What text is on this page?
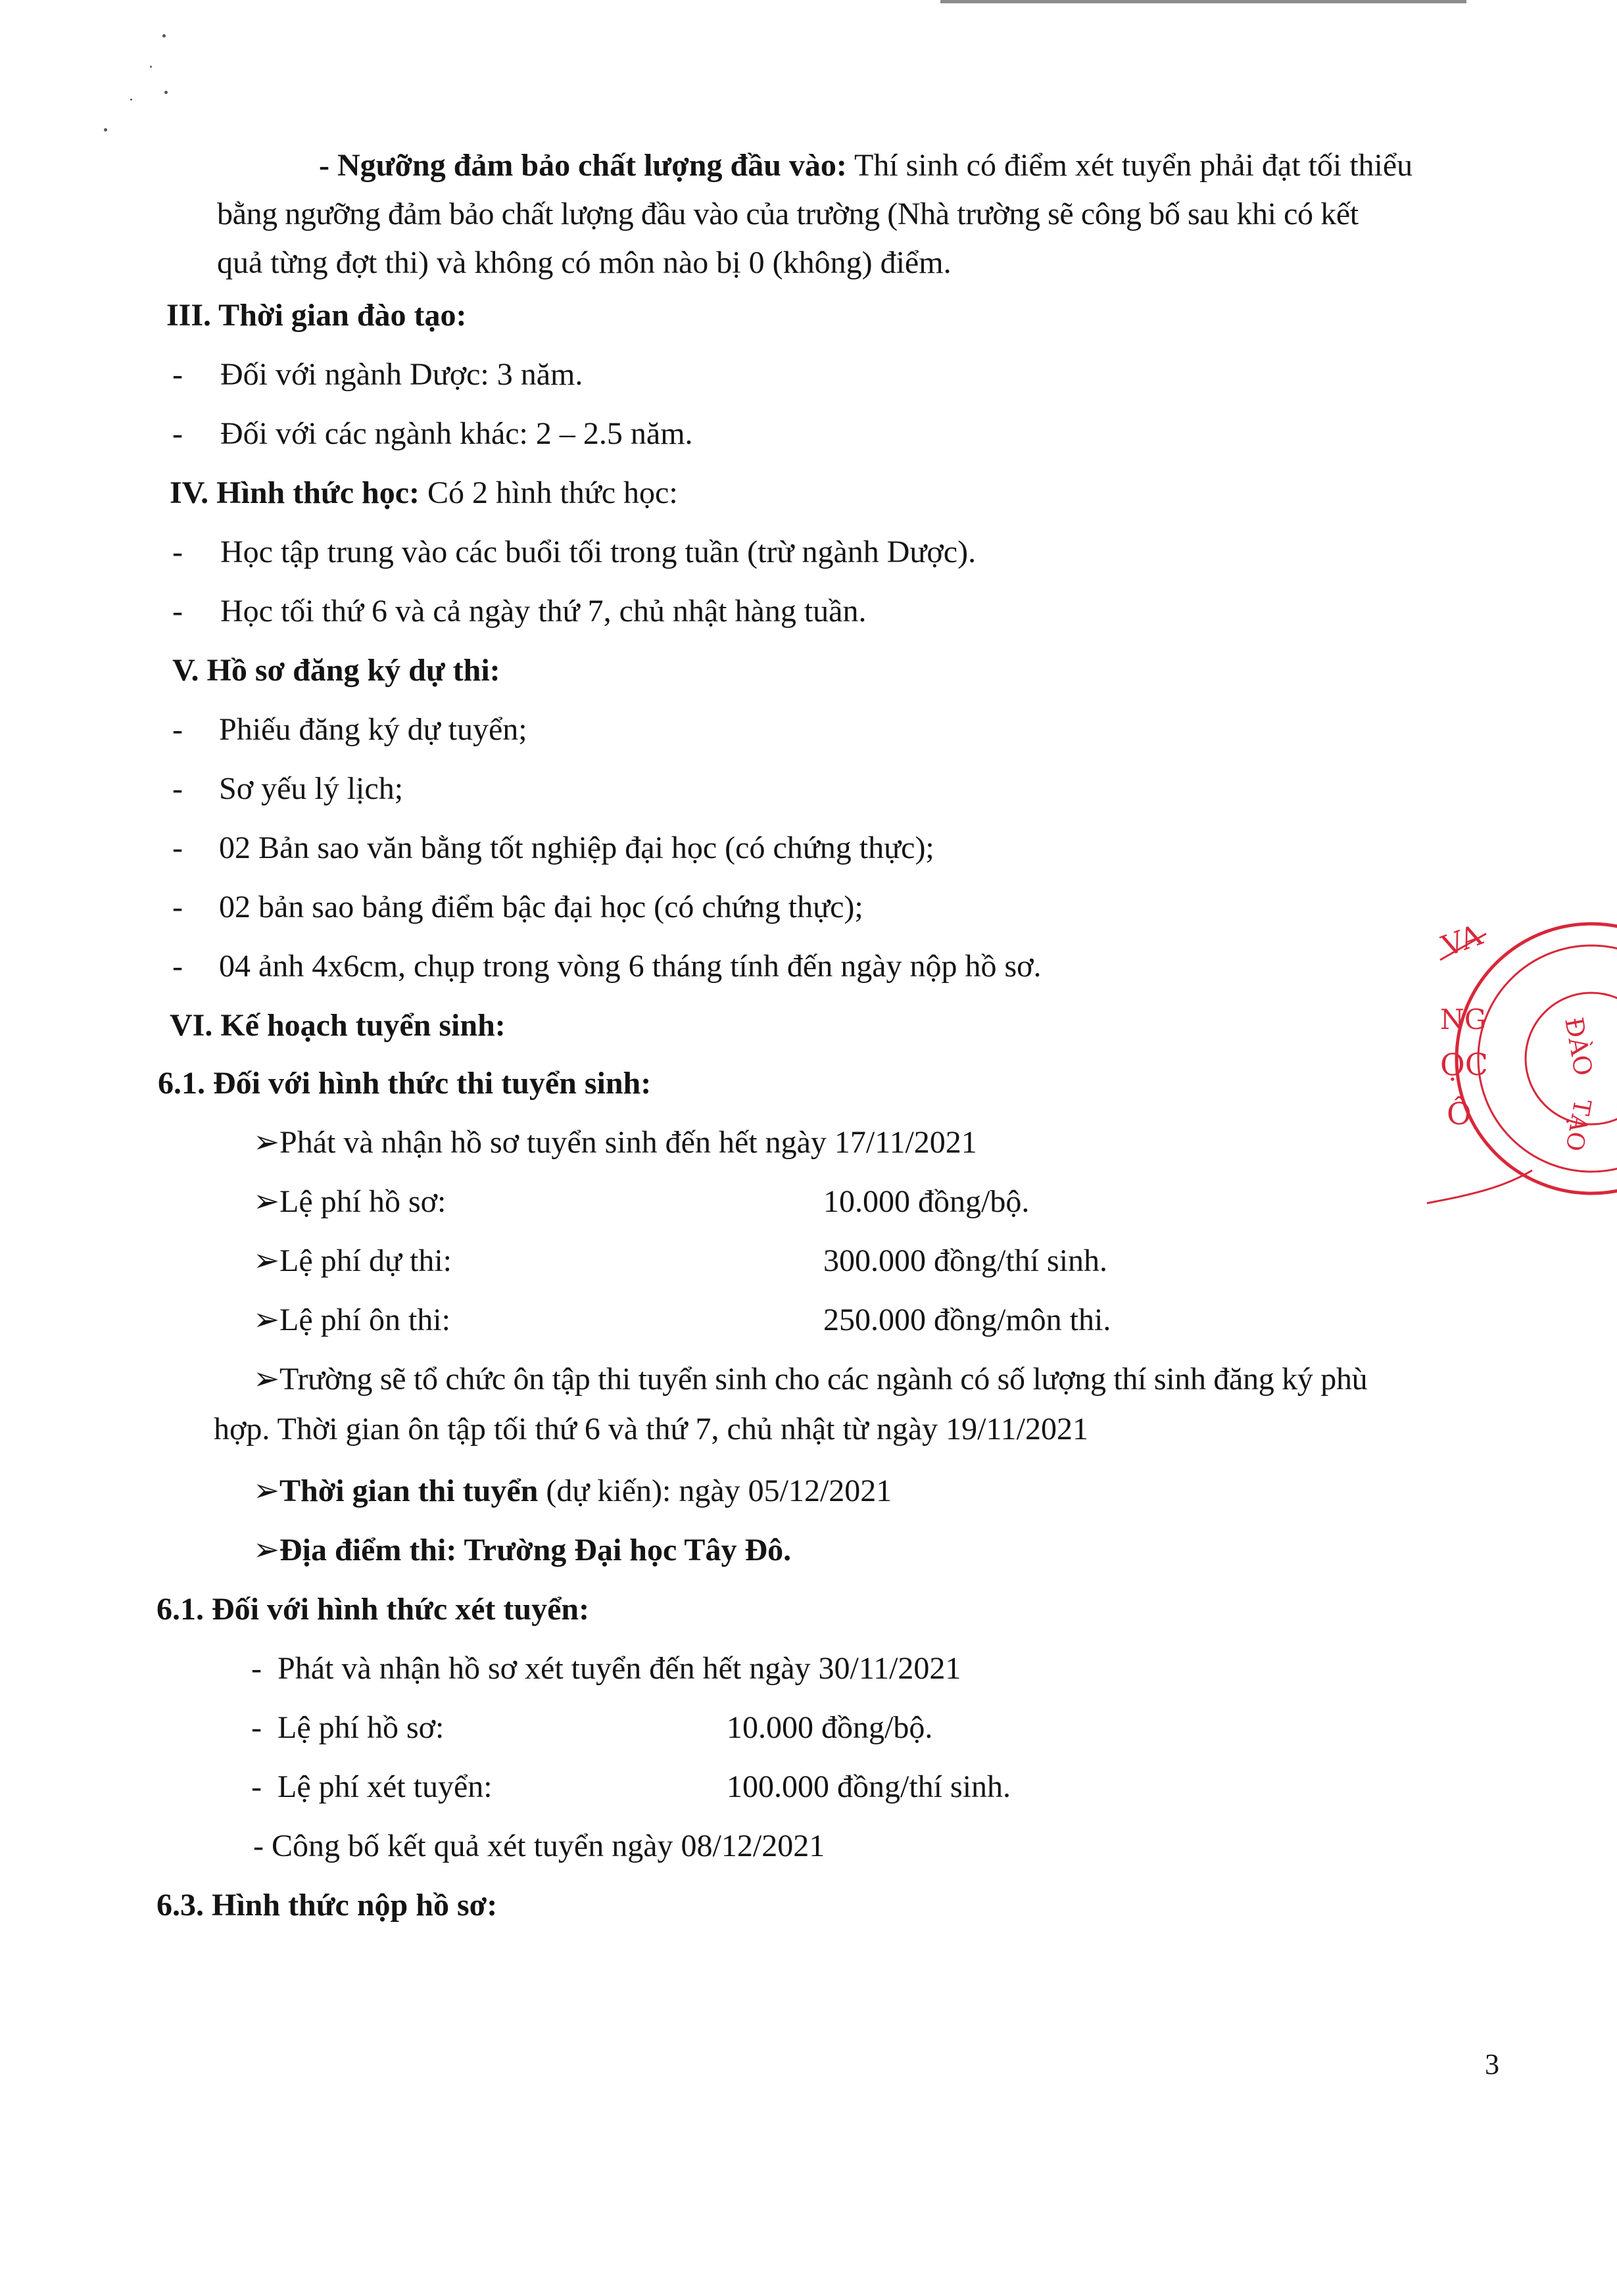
- Ngưỡng đảm bảo chất lượng đầu vào: Thí sinh có điểm xét tuyển phải đạt tối thiểu
bằng ngưỡng đảm bảo chất lượng đầu vào của trường (Nhà trường sẽ công bố sau khi có kết
quả từng đợt thi) và không có môn nào bị 0 (không) điểm.
III. Thời gian đào tạo:
- Đối với ngành Dược: 3 năm.
- Đối với các ngành khác: 2 – 2.5 năm.
IV. Hình thức học: Có 2 hình thức học:
- Học tập trung vào các buổi tối trong tuần (trừ ngành Dược).
- Học tối thứ 6 và cả ngày thứ 7, chủ nhật hàng tuần.
V. Hồ sơ đăng ký dự thi:
- Phiếu đăng ký dự tuyển;
- Sơ yếu lý lịch;
- 02 Bản sao văn bằng tốt nghiệp đại học (có chứng thực);
- 02 bản sao bảng điểm bậc đại học (có chứng thực);
- 04 ảnh 4x6cm, chụp trong vòng 6 tháng tính đến ngày nộp hồ sơ.
VI. Kế hoạch tuyển sinh:
6.1. Đối với hình thức thi tuyển sinh:
➢Phát và nhận hồ sơ tuyển sinh đến hết ngày 17/11/2021
➢Lệ phí hồ sơ:	10.000 đồng/bộ.
➢Lệ phí dự thi:	300.000 đồng/thí sinh.
➢Lệ phí ôn thi:	250.000 đồng/môn thi.
➢Trường sẽ tổ chức ôn tập thi tuyển sinh cho các ngành có số lượng thí sinh đăng ký phù
hợp. Thời gian ôn tập tối thứ 6 và thứ 7, chủ nhật từ ngày 19/11/2021
➢Thời gian thi tuyển (dự kiến): ngày 05/12/2021
➢Địa điểm thi: Trường Đại học Tây Đô.
6.1. Đối với hình thức xét tuyển:
- Phát và nhận hồ sơ xét tuyển đến hết ngày 30/11/2021
- Lệ phí hồ sơ:	10.000 đồng/bộ.
- Lệ phí xét tuyển:	100.000 đồng/thí sinh.
- Công bố kết quả xét tuyển ngày 08/12/2021
6.3. Hình thức nộp hồ sơ:
3
VA
NG	ĐÀO
ỌC
TẠO
Ô
